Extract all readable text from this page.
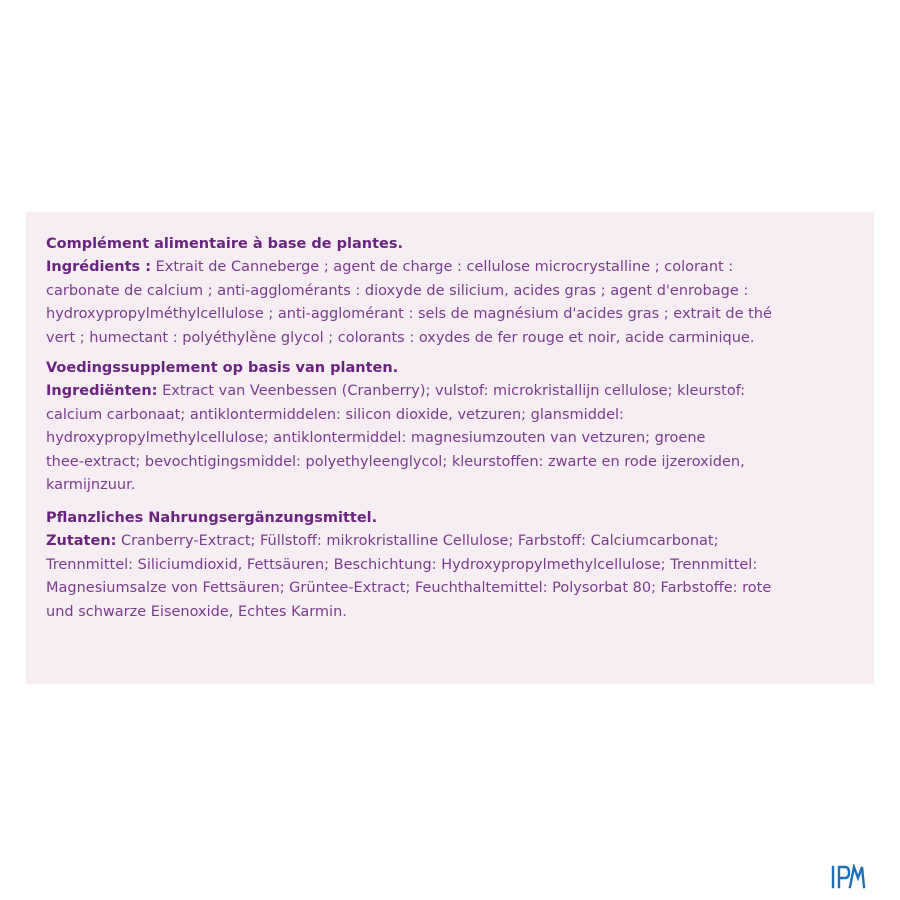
Complément alimentaire à base de plantes.

Ingrédients : Extrait de Canneberge ; agent de charge : cellulose microcrystalline ; colorant :
carbonate de calcium ; anti-agglomérants : dioxyde de silicium, acides gras ; agent d'enrobage :
hydroxypropylméthylcellulose ; anti-agglomérant : sels de magnésium d'acides gras ; extrait de thé
vert ; humectant : polyéthylène glycol ; colorants : oxydes de fer rouge et noir, acide carminique.

Voedingssupplement op basis van planten.

Ingrediënten: Extract van Veenbessen (Cranberry); vulstof: microkristallijn cellulose; kleurstof:
calcium carbonaat; antiklontermiddelen: silicon dioxide, vetzuren; glansmiddel:
hydroxypropylmethylcellulose; antiklontermiddel: magnesiumzouten van vetzuren; groene
thee-extract; bevochtigingsmiddel: polyethyleenglycol; kleurstoffen: zwarte en rode ijzeroxiden,
karmijnzuur.

Pflanzliches Nahrungsergänzungsmittel.

Zutaten: Cranberry-Extract; Füllstoff: mikrokristalline Cellulose; Farbstoff: Calciumcarbonat;
Trennmittel: Siliciumdioxid, Fettsäuren; Beschichtung: Hydroxypropylmethylcellulose; Trennmittel:
Magnesiumsalze von Fettsäuren; Grüntee-Extract; Feuchthaltemittel: Polysorbat 80; Farbstoffe: rote
und schwarze Eisenoxide, Echtes Karmin.
